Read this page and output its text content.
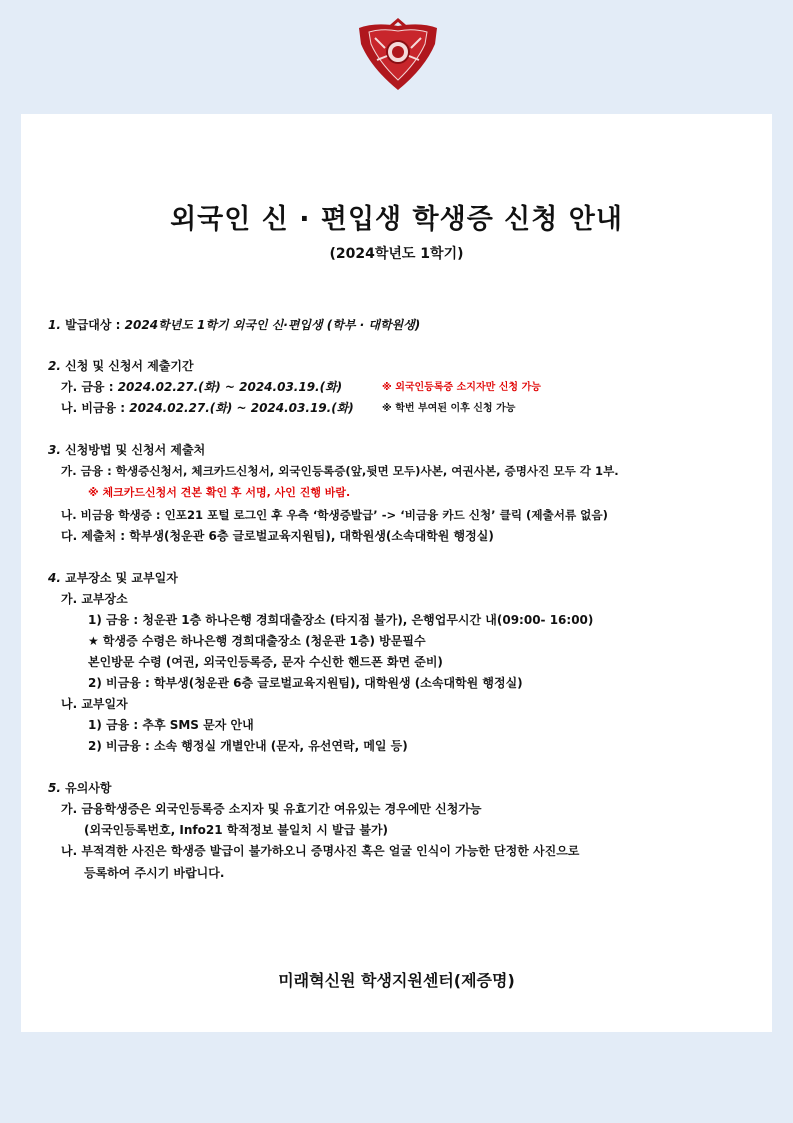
외국인 신 · 편입생 학생증 신청 안내

(2024학년도 1학기)

1. 발급대상 : 2024학년도 1학기 외국인 신·편입생 (학부 · 대학원생)
2. 신청 및 신청서 제출기간
가. 금융 : 2024.02.27.(화) ~ 2024.03.19.(화)	※ 외국인등록증 소지자만 신청 가능
나. 비금융 : 2024.02.27.(화) ~ 2024.03.19.(화)	※ 학번 부여된 이후 신청 가능
3. 신청방법 및 신청서 제출처
가. 금융 : 학생증신청서, 체크카드신청서, 외국인등록증(앞,뒷면 모두)사본, 여권사본, 증명사진 모두 각 1부.
※ 체크카드신청서 견본 확인 후 서명, 사인 진행 바람.
나. 비금융 학생증 : 인포21 포털 로그인 후 우측 ‘학생증발급’ -> ‘비금융 카드 신청’ 클릭 (제출서류 없음)
다. 제출처 : 학부생(청운관 6층 글로벌교육지원팀), 대학원생(소속대학원 행정실)
4. 교부장소 및 교부일자
가. 교부장소
1) 금융 : 청운관 1층 하나은행 경희대출장소 (타지점 불가), 은행업무시간 내(09:00- 16:00)
★ 학생증 수령은 하나은행 경희대출장소 (청운관 1층) 방문필수
본인방문 수령 (여권, 외국인등록증, 문자 수신한 핸드폰 화면 준비)
2) 비금융 : 학부생(청운관 6층 글로벌교육지원팀), 대학원생 (소속대학원 행정실)
나. 교부일자
1) 금융 : 추후 SMS 문자 안내
2) 비금융 : 소속 행정실 개별안내 (문자, 유선연락, 메일 등)
5. 유의사항
가. 금융학생증은 외국인등록증 소지자 및 유효기간 여유있는 경우에만 신청가능
(외국인등록번호, Info21 학적정보 불일치 시 발급 불가)
나. 부적격한 사진은 학생증 발급이 불가하오니 증명사진 혹은 얼굴 인식이 가능한 단정한 사진으로
등록하여 주시기 바랍니다.

미래혁신원 학생지원센터(제증명)
